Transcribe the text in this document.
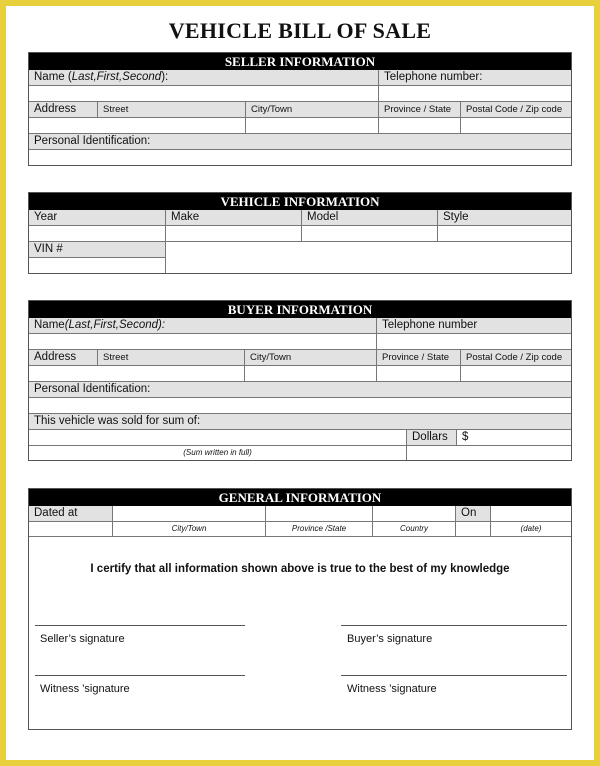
VEHICLE BILL OF SALE
SELLER INFORMATION
Name (Last,First,Second):	Telephone number:
Address	Street	City/Town	Province / State	Postal Code / Zip code
Personal Identification:
VEHICLE INFORMATION
Year	Make	Model	Style
VIN #
BUYER INFORMATION
Name(Last,First,Second):	Telephone number
Address	Street	City/Town	Province / State	Postal Code / Zip code
Personal Identification:
This vehicle was sold for sum of:
Dollars	$
(Sum written in full)
GENERAL INFORMATION
Dated at	On
City/Town	Province /State	Country	(date)
I certify that all information shown above is true to the best of my knowledge
Seller’s signature	Buyer’s signature
Witness ’signature	Witness ’signature
